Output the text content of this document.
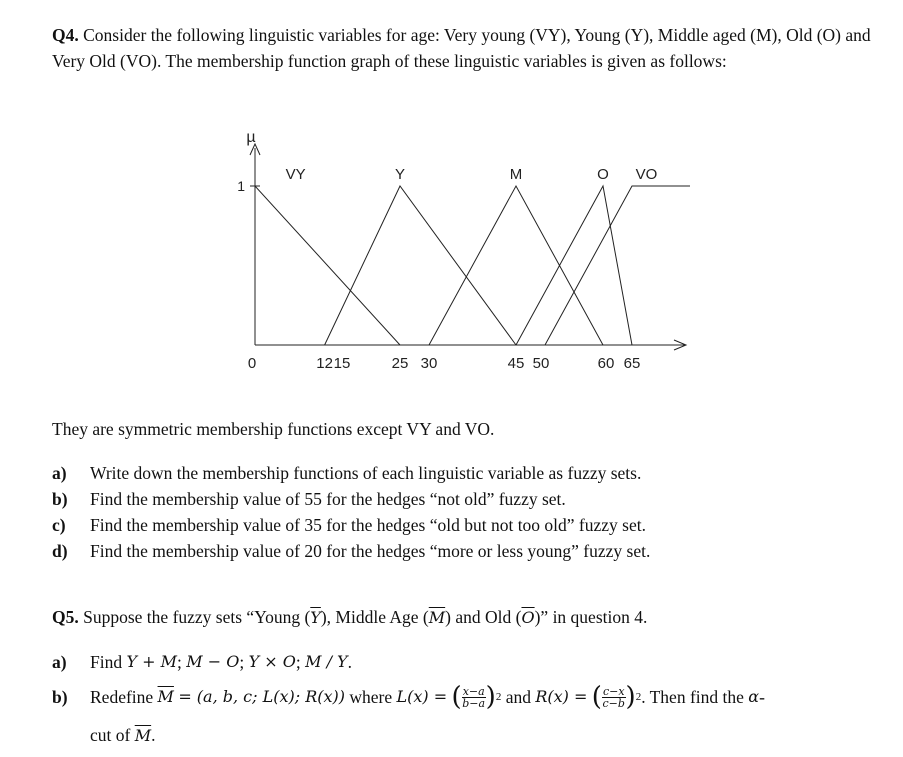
Q4. Consider the following linguistic variables for age: Very young (VY), Young (Y), Middle aged (M), Old (O) and Very Old (VO). The membership function graph of these linguistic variables is given as follows:
µ
1
VY	Y	M	O VO
0	12 15	25 30	45 50	60 65
They are symmetric membership functions except VY and VO.
a)	Write down the membership functions of each linguistic variable as fuzzy sets.
b)	Find the membership value of 55 for the hedges “not old” fuzzy set.
c)	Find the membership value of 35 for the hedges “old but not too old” fuzzy set.
d)	Find the membership value of 20 for the hedges “more or less young” fuzzy set.
Q5. Suppose the fuzzy sets “Young $(\overline{Y})$, Middle Age $(\overline{M})$ and Old $(\overline{O})$” in question 4.
a)	Find
Y + M ; M − O ; Y × O ; M / Y .
b)	Redefine
$\overline{M}$
= (a, b, c; L(x); R(x))
where
L(x) =
( $\frac{x-a}{b-a}$ ) 2
and
R(x) =
( $\frac{c-x}{c-b}$ ) 2 . Then find the
α -
cut of $\overline{M}$.
